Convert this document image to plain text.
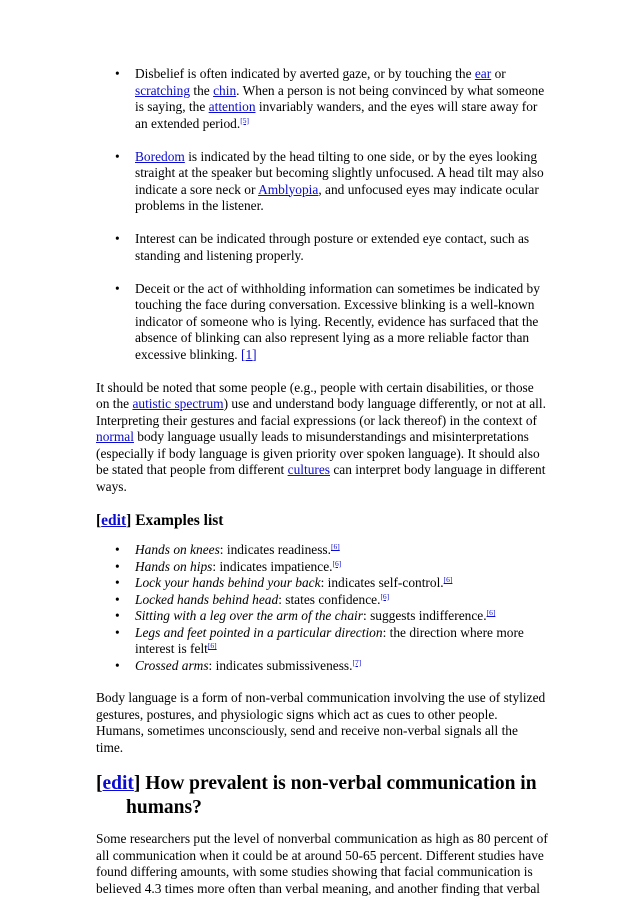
• Disbelief is often indicated by averted gaze, or by touching the ear or scratching the chin. When a person is not being convinced by what someone is saying, the attention invariably wanders, and the eyes will stare away for an extended period.[5]
• Boredom is indicated by the head tilting to one side, or by the eyes looking straight at the speaker but becoming slightly unfocused. A head tilt may also indicate a sore neck or Amblyopia, and unfocused eyes may indicate ocular problems in the listener.
• Interest can be indicated through posture or extended eye contact, such as standing and listening properly.
• Deceit or the act of withholding information can sometimes be indicated by touching the face during conversation. Excessive blinking is a well-known indicator of someone who is lying. Recently, evidence has surfaced that the absence of blinking can also represent lying as a more reliable factor than excessive blinking. [1]

It should be noted that some people (e.g., people with certain disabilities, or those on the autistic spectrum) use and understand body language differently, or not at all. Interpreting their gestures and facial expressions (or lack thereof) in the context of normal body language usually leads to misunderstandings and misinterpretations (especially if body language is given priority over spoken language). It should also be stated that people from different cultures can interpret body language in different ways.

[edit] Examples list
• Hands on knees: indicates readiness.[6]
• Hands on hips: indicates impatience.[6]
• Lock your hands behind your back: indicates self-control.[6]
• Locked hands behind head: states confidence.[6]
• Sitting with a leg over the arm of the chair: suggests indifference.[6]
• Legs and feet pointed in a particular direction: the direction where more interest is felt[6]
• Crossed arms: indicates submissiveness.[7]

Body language is a form of non-verbal communication involving the use of stylized gestures, postures, and physiologic signs which act as cues to other people. Humans, sometimes unconsciously, send and receive non-verbal signals all the time.

[edit] How prevalent is non-verbal communication in humans?

Some researchers put the level of nonverbal communication as high as 80 percent of all communication when it could be at around 50-65 percent. Different studies have found differing amounts, with some studies showing that facial communication is believed 4.3 times more often than verbal meaning, and another finding that verbal
